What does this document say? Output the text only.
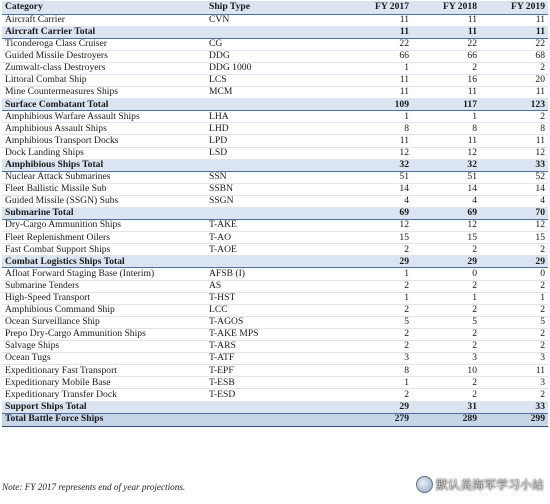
Category	Ship Type	FY 2017	FY 2018	FY 2019
Aircraft Carrier	CVN	11	11	11
Aircraft Carrier Total		11	11	11
Ticonderoga Class Cruiser	CG	22	22	22
Guided Missile Destroyers	DDG	66	66	68
Zumwalt-class Destroyers	DDG 1000	1	2	2
Littoral Combat Ship	LCS	11	16	20
Mine Countermeasures Ships	MCM	11	11	11
Surface Combatant Total		109	117	123
Amphibious Warfare Assault Ships	LHA	1	1	2
Amphibious Assault Ships	LHD	8	8	8
Amphibious Transport Docks	LPD	11	11	11
Dock Landing Ships	LSD	12	12	12
Amphibious Ships Total		32	32	33
Nuclear Attack Submarines	SSN	51	51	52
Fleet Ballistic Missile Sub	SSBN	14	14	14
Guided Missile (SSGN) Subs	SSGN	4	4	4
Submarine Total		69	69	70
Dry-Cargo Ammunition Ships	T-AKE	12	12	12
Fleet Replenishment Oilers	T-AO	15	15	15
Fast Combat Support Ships	T-AOE	2	2	2
Combat Logistics Ships Total		29	29	29
Afloat Forward Staging Base (Interim)	AFSB (I)	1	0	0
Submarine Tenders	AS	2	2	2
High-Speed Transport	T-HST	1	1	1
Amphibious Command Ship	LCC	2	2	2
Ocean Surveillance Ship	T-AGOS	5	5	5
Prepo Dry-Cargo Ammunition Ships	T-AKE MPS	2	2	2
Salvage Ships	T-ARS	2	2	2
Ocean Tugs	T-ATF	3	3	3
Expeditionary Fast Transport	T-EPF	8	10	11
Expeditionary Mobile Base	T-ESB	1	2	3
Expeditionary Transfer Dock	T-ESD	2	2	2
Support Ships Total		29	31	33
Total Battle Force Ships		279	289	299
Note: FY 2017 represents end of year projections.	默认美海军学习小站
